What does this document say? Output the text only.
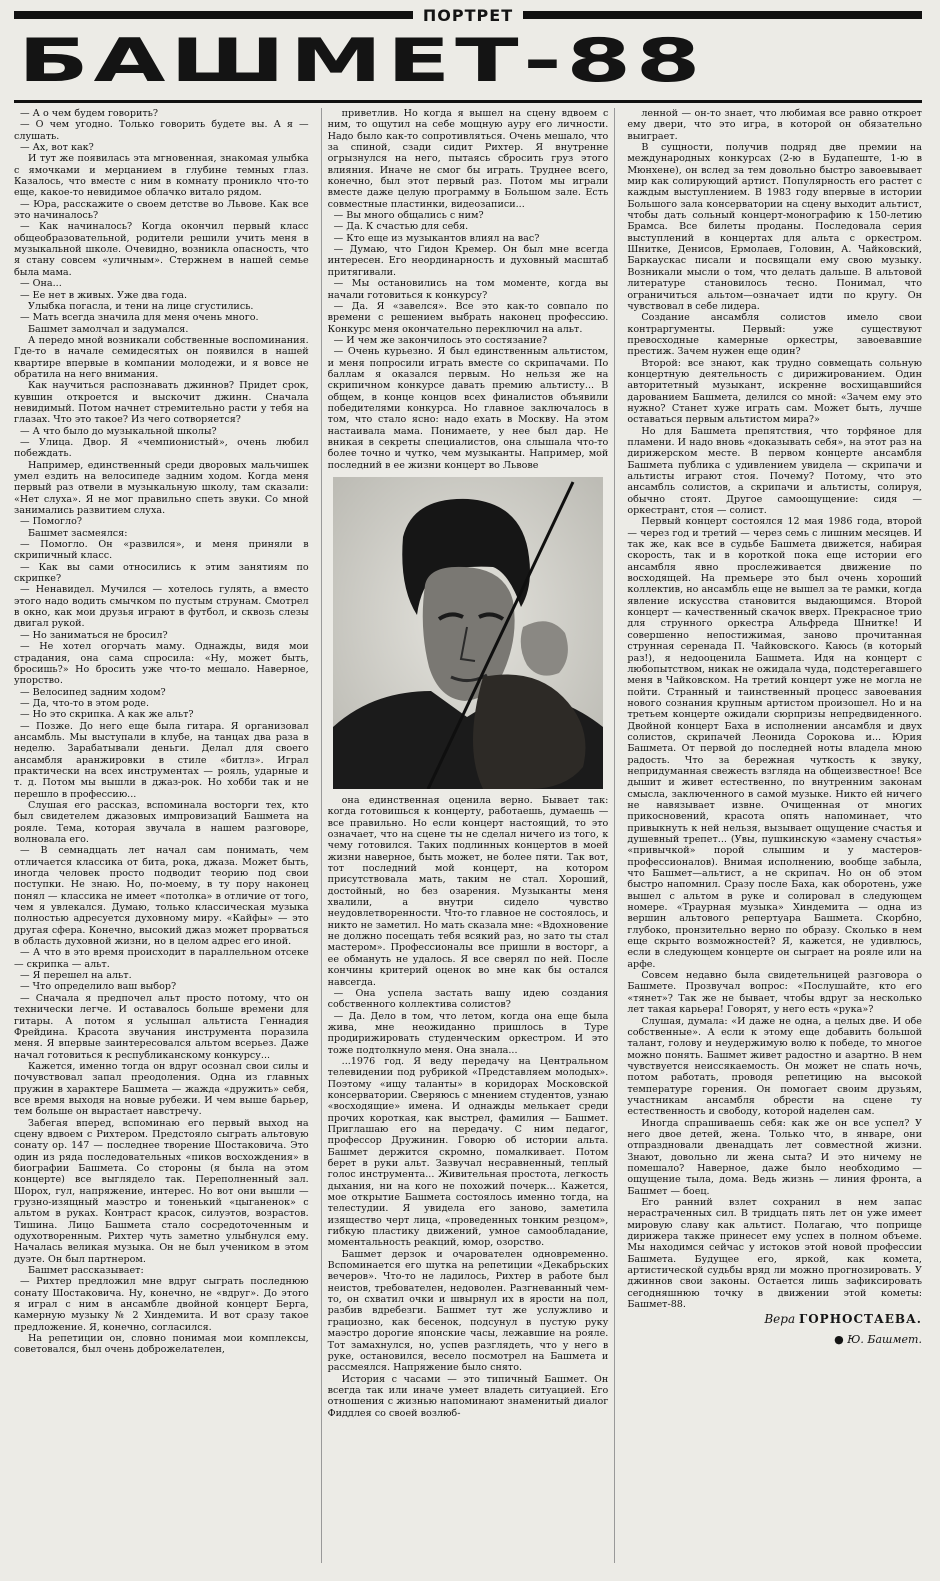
ПОРТРЕТ
БАШМЕТ-88

— А о чем будем говорить?

— О чем угодно. Только говорить будете вы. А я — слушать.

— Ах, вот как?

И тут же появилась эта мгновенная, знакомая улыбка с ямочками и мерцанием в глубине темных глаз. Казалось, что вместе с ним в комнату проникло что-то еще, какое-то невидимое облачко витало рядом.

— Юра, расскажите о своем детстве во Львове. Как все это начиналось?

— Как начиналось? Когда окончил первый класс общеобразовательной, родители решили учить меня в музыкальной школе. Очевидно, возникла опасность, что я стану совсем «уличным». Стержнем в нашей семье была мама.

— Она...

— Ее нет в живых. Уже два года.

Улыбка погасла, и тени на лице сгустились.

— Мать всегда значила для меня очень много.

Башмет замолчал и задумался.

А передо мной возникали собственные воспоминания. Где-то в начале семидесятых он появился в нашей квартире впервые в компании молодежи, и я вовсе не обратила на него внимания.

Как научиться распознавать джиннов? Придет срок, кувшин откроется и выскочит джинн. Сначала невидимый. Потом начнет стремительно расти у тебя на глазах. Что это такое? Из чего сотворяется?

— А что было до музыкальной школы?

— Улица. Двор. Я «чемпионистый», очень любил побеждать.

Например, единственный среди дворовых мальчишек умел ездить на велосипеде задним ходом. Когда меня первый раз отвели в музыкальную школу, там сказали: «Нет слуха». Я не мог правильно спеть звуки. Со мной занимались развитием слуха.

— Помогло?

Башмет засмеялся:

— Помогло. Он «развился», и меня приняли в скрипичный класс.

— Как вы сами относились к этим занятиям по скрипке?

— Ненавидел. Мучился — хотелось гулять, а вместо этого надо водить смычком по пустым струнам. Смотрел в окно, как мои друзья играют в футбол, и сквозь слезы двигал рукой.

— Но заниматься не бросил?

— Не хотел огорчать маму. Однажды, видя мои страдания, она сама спросила: «Ну, может быть, бросишь?» Но бросить уже что-то мешало. Наверное, упорство.

— Велосипед задним ходом?

— Да, что-то в этом роде.

— Но это скрипка. А как же альт?

— Позже. До него еще была гитара. Я организовал ансамбль. Мы выступали в клубе, на танцах два раза в неделю. Зарабатывали деньги. Делал для своего ансамбля аранжировки в стиле «битлз». Играл практически на всех инструментах — рояль, ударные и т. д. Потом мы вышли в джаз-рок. Но хобби так и не перешло в профессию...

Слушая его рассказ, вспоминала восторги тех, кто был свидетелем джазовых импровизаций Башмета на рояле. Тема, которая звучала в нашем разговоре, волновала его.

— В семнадцать лет начал сам понимать, чем отличается классика от бита, рока, джаза. Может быть, иногда человек просто подводит теорию под свои поступки. Не знаю. Но, по-моему, в ту пору наконец понял — классика не имеет «потолка» в отличие от того, чем я увлекался. Думаю, только классическая музыка полностью адресуется духовному миру. «Кайфы» — это другая сфера. Конечно, высокий джаз может прорваться в область духовной жизни, но в целом адрес его иной.

— А что в это время происходит в параллельном отсеке — скрипка — альт.

— Я перешел на альт.

— Что определило ваш выбор?

— Сначала я предпочел альт просто потому, что он технически легче. И оставалось больше времени для гитары. А потом я услышал альтиста Геннадия Фрейдина. Красота звучания инструмента поразила меня. Я впервые заинтересовался альтом всерьез. Даже начал готовиться к республиканскому конкурсу...

Кажется, именно тогда он вдруг осознал свои силы и почувствовал запал преодоления. Одна из главных пружин в характере Башмета — жажда «дружить» себя, все время выходя на новые рубежи. И чем выше барьер, тем больше он вырастает навстречу.

Забегая вперед, вспоминаю его первый выход на сцену вдвоем с Рихтером. Предстояло сыграть альтовую сонату ор. 147 — последнее творение Шостаковича. Это один из ряда последовательных «пиков восхождения» в биографии Башмета. Со стороны (я была на этом концерте) все выглядело так. Переполненный зал. Шорох, гул, напряжение, интерес. Но вот они вышли — грузно-изящный маэстро и тоненький «цыганенок» с альтом в руках. Контраст красок, силуэтов, возрастов. Тишина. Лицо Башмета стало сосредоточенным и одухотворенным. Рихтер чуть заметно улыбнулся ему. Началась великая музыка. Он не был учеником в этом дуэте. Он был партнером.

Башмет рассказывает:

— Рихтер предложил мне вдруг сыграть последнюю сонату Шостаковича. Ну, конечно, не «вдруг». До этого я играл с ним в ансамбле двойной концерт Берга, камерную музыку № 2 Хиндемита. И вот сразу такое предложение. Я, конечно, согласился.

На репетиции он, словно понимая мои комплексы, советовался, был очень доброжелателен,

приветлив. Но когда я вышел на сцену вдвоем с ним, то ощутил на себе мощную ауру его личности. Надо было как-то сопротивляться. Очень мешало, что за спиной, сзади сидит Рихтер. Я внутренне огрызнулся на него, пытаясь сбросить груз этого влияния. Иначе не смог бы играть. Труднее всего, конечно, был этот первый раз. Потом мы играли вместе даже целую программу в Большом зале. Есть совместные пластинки, видеозаписи...

— Вы много общались с ним?

— Да. К счастью для себя.

— Кто еще из музыкантов влиял на вас?

— Думаю, что Гидон Кремер. Он был мне всегда интересен. Его неординарность и духовный масштаб притягивали.

— Мы остановились на том моменте, когда вы начали готовиться к конкурсу?

— Да. Я «завелся». Все это как-то совпало по времени с решением выбрать наконец профессию. Конкурс меня окончательно переключил на альт.

— И чем же закончилось это состязание?

— Очень курьезно. Я был единственным альтистом, и меня попросили играть вместе со скрипачами. По баллам я оказался первым. Но нельзя же на скрипичном конкурсе давать премию альтисту... В общем, в конце концов всех финалистов объявили победителями конкурса. Но главное заключалось в том, что стало ясно: надо ехать в Москву. На этом настаивала мама. Понимаете, у нее был дар. Не вникая в секреты специалистов, она слышала что-то более точно и чутко, чем музыканты. Например, мой последний в ее жизни концерт во Львове

она единственная оценила верно. Бывает так: когда готовишься к концерту, работаешь, думаешь — все правильно. Но если концерт настоящий, то это означает, что на сцене ты не сделал ничего из того, к чему готовился. Таких подлинных концертов в моей жизни наверное, быть может, не более пяти. Так вот, тот последний мой концерт, на котором присутствовала мать, таким не стал. Хороший, достойный, но без озарения. Музыканты меня хвалили, а внутри сидело чувство неудовлетворенности. Что-то главное не состоялось, и никто не заметил. Но мать сказала мне: «Вдохновение не должно посещать тебя всякий раз, но зато ты стал мастером». Профессионалы все пришли в восторг, а ее обмануть не удалось. Я все сверял по ней. После кончины критерий оценок во мне как бы остался навсегда.

— Она успела застать вашу идею создания собственного коллектива солистов?

— Да. Дело в том, что летом, когда она еще была жива, мне неожиданно пришлось в Туре продирижировать студенческим оркестром. И это тоже подтолкнуло меня. Она знала...

...1976 год. Я веду передачу на Центральном телевидении под рубрикой «Представляем молодых». Поэтому «ищу таланты» в коридорах Московской консерватории. Сверяюсь с мнением студентов, узнаю «восходящие» имена. И однажды мелькает среди прочих короткая, как выстрел, фамилия — Башмет. Приглашаю его на передачу. С ним педагог, профессор Дружинин. Говорю об истории альта. Башмет держится скромно, помалкивает. Потом берет в руки альт. Зазвучал несравненный, теплый голос инструмента... Живительная простота, легкость дыхания, ни на кого не похожий почерк... Кажется, мое открытие Башмета состоялось именно тогда, на телестудии. Я увидела его заново, заметила изящество черт лица, «проведенных тонким резцом», гибкую пластику движений, умное самообладание, моментальность реакций, юмор, озорство.

Башмет дерзок и очарователен одновременно. Вспоминается его шутка на репетиции «Декабрьских вечеров». Что-то не ладилось, Рихтер в работе был неистов, требователен, недоволен. Разгневанный чем-то, он схватил очки и швырнул их в ярости на пол, разбив вдребезги. Башмет тут же услужливо и грациозно, как бесенок, подсунул в пустую руку маэстро дорогие японские часы, лежавшие на рояле. Тот замахнулся, но, успев разглядеть, что у него в руке, остановился, весело посмотрел на Башмета и рассмеялся. Напряжение было снято.

История с часами — это типичный Башмет. Он всегда так или иначе умеет владеть ситуацией. Его отношения с жизнью напоминают знаменитый диалог Фиддлея со своей возлюб-

ленной — он-то знает, что любимая все равно откроет ему двери, что это игра, в которой он обязательно выиграет.

В сущности, получив подряд две премии на международных конкурсах (2-ю в Будапеште, 1-ю в Мюнхене), он вслед за тем довольно быстро завоевывает мир как солирующий артист. Популярность его растет с каждым выступлением. В 1983 году впервые в истории Большого зала консерватории на сцену выходит альтист, чтобы дать сольный концерт-монографию к 150-летию Брамса. Все билеты проданы. Последовала серия выступлений в концертах для альта с оркестром. Шнитке, Денисов, Ермолаев, Головин, А. Чайковский, Баркаускас писали и посвящали ему свою музыку. Возникали мысли о том, что делать дальше. В альтовой литературе становилось тесно. Понимал, что ограничиться альтом—означает идти по кругу. Он чувствовал в себе лидера.

Создание ансамбля солистов имело свои контраргументы. Первый: уже существуют превосходные камерные оркестры, завоевавшие престиж. Зачем нужен еще один?

Второй: все знают, как трудно совмещать сольную концертную деятельность с дирижированием. Один авторитетный музыкант, искренне восхищавшийся дарованием Башмета, делился со мной: «Зачем ему это нужно? Станет хуже играть сам. Может быть, лучше оставаться первым альтистом мира?»

Но для Башмета препятствия, что торфяное для пламени. И надо вновь «доказывать себя», на этот раз на дирижерском месте. В первом концерте ансамбля Башмета публика с удивлением увидела — скрипачи и альтисты играют стоя. Почему? Потому, что это ансамбль солистов, а скрипачи и альтисты, солируя, обычно стоят. Другое самоощущение: сидя — оркестрант, стоя — солист.

Первый концерт состоялся 12 мая 1986 года, второй — через год и третий — через семь с лишним месяцев. И так же, как все в судьбе Башмета движется, набирая скорость, так и в короткой пока еще истории его ансамбля явно прослеживается движение по восходящей. На премьере это был очень хороший коллектив, но ансамбль еще не вышел за те рамки, когда явление искусства становится выдающимся. Второй концерт — качественный скачок вверх. Прекрасное трио для струнного оркестра Альфреда Шнитке! И совершенно непостижимая, заново прочитанная струнная серенада П. Чайковского. Каюсь (в который раз!), я недооценила Башмета. Идя на концерт с любопытством, никак не ожидала чуда, подстерегавшего меня в Чайковском. На третий концерт уже не могла не пойти. Странный и таинственный процесс завоевания нового сознания крупным артистом произошел. Но и на третьем концерте ожидали сюрпризы непредвиденного. Двойной концерт Баха в исполнении ансамбля и двух солистов, скрипачей Леонида Сорокова и... Юрия Башмета. От первой до последней ноты владела мною радость. Что за бережная чуткость к звуку, непридуманная свежесть взгляда на общеизвестное! Все дышит и живет естественно, по внутренним законам смысла, заключенного в самой музыке. Никто ей ничего не навязывает извне. Очищенная от многих прикосновений, красота опять напоминает, что привыкнуть к ней нельзя, вызывает ощущение счастья и душевный трепет... (Увы, пушкинскую «замену счастья» «привычкой» порой слышим и у мастеров-профессионалов). Внимая исполнению, вообще забыла, что Башмет—альтист, а не скрипач. Но он об этом быстро напомнил. Сразу после Баха, как оборотень, уже вышел с альтом в руке и солировал в следующем номере. «Траурная музыка» Хиндемита — одна из вершин альтового репертуара Башмета. Скорбно, глубоко, пронзительно верно по образу. Сколько в нем еще скрыто возможностей? Я, кажется, не удивлюсь, если в следующем концерте он сыграет на рояле или на арфе.

Совсем недавно была свидетельницей разговора о Башмете. Прозвучал вопрос: «Послушайте, кто его «тянет»? Так же не бывает, чтобы вдруг за несколько лет такая карьера! Говорят, у него есть «рука»?

Слушая, думала: «И даже не одна, а целых две. И обе собственные». А если к этому еще добавить большой талант, голову и неудержимую волю к победе, то многое можно понять. Башмет живет радостно и азартно. В нем чувствуется неиссякаемость. Он может не спать ночь, потом работать, проводя репетицию на высокой температуре горения. Он помогает своим друзьям, участникам ансамбля обрести на сцене ту естественность и свободу, которой наделен сам.

Иногда спрашиваешь себя: как же он все успел? У него двое детей, жена. Только что, в январе, они отпраздновали двенадцать лет совместной жизни. Знают, довольно ли жена сыта? И это ничему не помешало? Наверное, даже было необходимо — ощущение тыла, дома. Ведь жизнь — линия фронта, а Башмет — боец.

Его ранний взлет сохранил в нем запас нерастраченных сил. В тридцать пять лет он уже имеет мировую славу как альтист. Полагаю, что поприще дирижера также принесет ему успех в полном объеме. Мы находимся сейчас у истоков этой новой профессии Башмета. Будущее его, яркой, как комета, артистической судьбы вряд ли можно прогнозировать. У джиннов свои законы. Остается лишь зафиксировать сегодняшнюю точку в движении этой кометы: Башмет-88.

Вера ГОРНОСТАЕВА.
● Ю. Башмет.
